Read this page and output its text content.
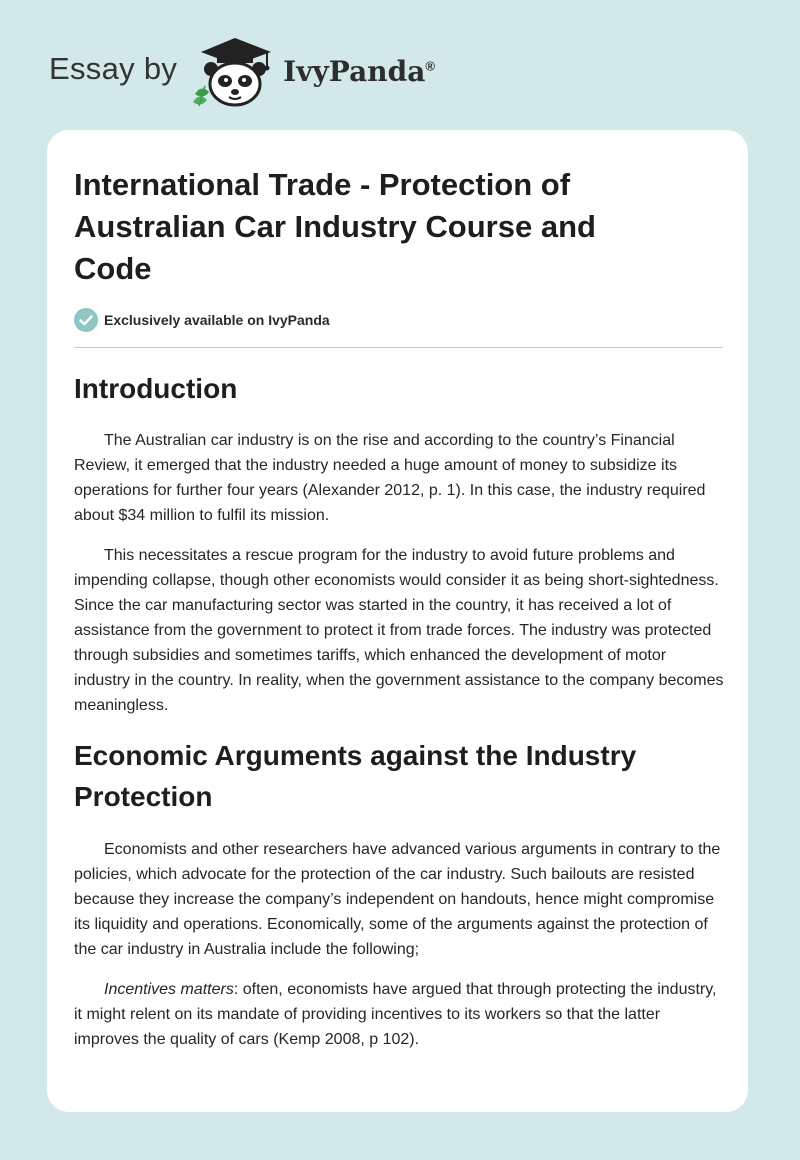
Essay by	IvyPanda®
International Trade - Protection of Australian Car Industry Course and Code
Exclusively available on IvyPanda
Introduction

The Australian car industry is on the rise and according to the country’s Financial Review, it emerged that the industry needed a huge amount of money to subsidize its operations for further four years (Alexander 2012, p. 1). In this case, the industry required about $34 million to fulfil its mission.

This necessitates a rescue program for the industry to avoid future problems and impending collapse, though other economists would consider it as being short-sightedness. Since the car manufacturing sector was started in the country, it has received a lot of assistance from the government to protect it from trade forces. The industry was protected through subsidies and sometimes tariffs, which enhanced the development of motor industry in the country. In reality, when the government assistance to the company becomes meaningless.

Economic Arguments against the Industry Protection

Economists and other researchers have advanced various arguments in contrary to the policies, which advocate for the protection of the car industry. Such bailouts are resisted because they increase the company’s independent on handouts, hence might compromise its liquidity and operations. Economically, some of the arguments against the protection of the car industry in Australia include the following;

Incentives matters: often, economists have argued that through protecting the industry, it might relent on its mandate of providing incentives to its workers so that the latter improves the quality of cars (Kemp 2008, p 102).
